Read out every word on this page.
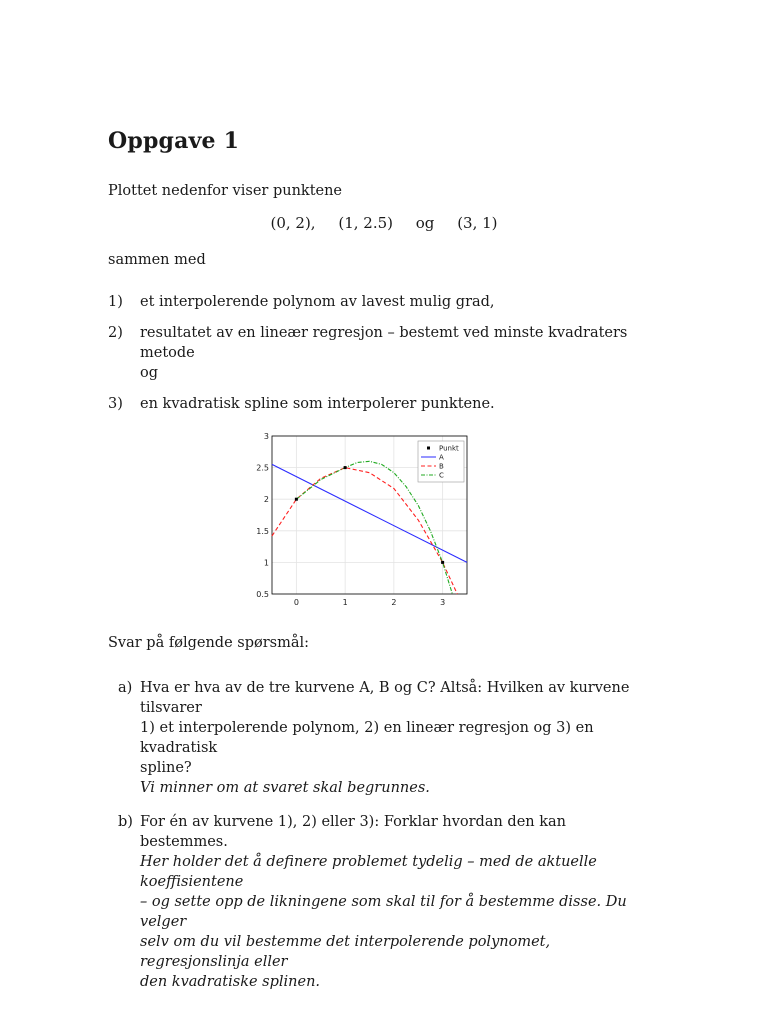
Oppgave 1
Plottet nedenfor viser punktene
(0, 2), (1, 2.5) og (3, 1)
sammen med
1) et interpolerende polynom av lavest mulig grad,
2) resultatet av en lineær regresjon – bestemt ved minste kvadraters metode
og
3) en kvadratisk spline som interpolerer punktene.
0	1	2	3
0.5
1
1.5
2
2.5
3
Punkt
A
B
C
Svar på følgende spørsmål:
a) Hva er hva av de tre kurvene A, B og C? Altså: Hvilken av kurvene tilsvarer
1) et interpolerende polynom, 2) en lineær regresjon og 3) en kvadratisk
spline?
Vi minner om at svaret skal begrunnes.
b) For én av kurvene 1), 2) eller 3): Forklar hvordan den kan bestemmes.
Her holder det å definere problemet tydelig – med de aktuelle koeffisientene
– og sette opp de likningene som skal til for å bestemme disse. Du velger
selv om du vil bestemme det interpolerende polynomet, regresjonslinja eller
den kvadratiske splinen.
